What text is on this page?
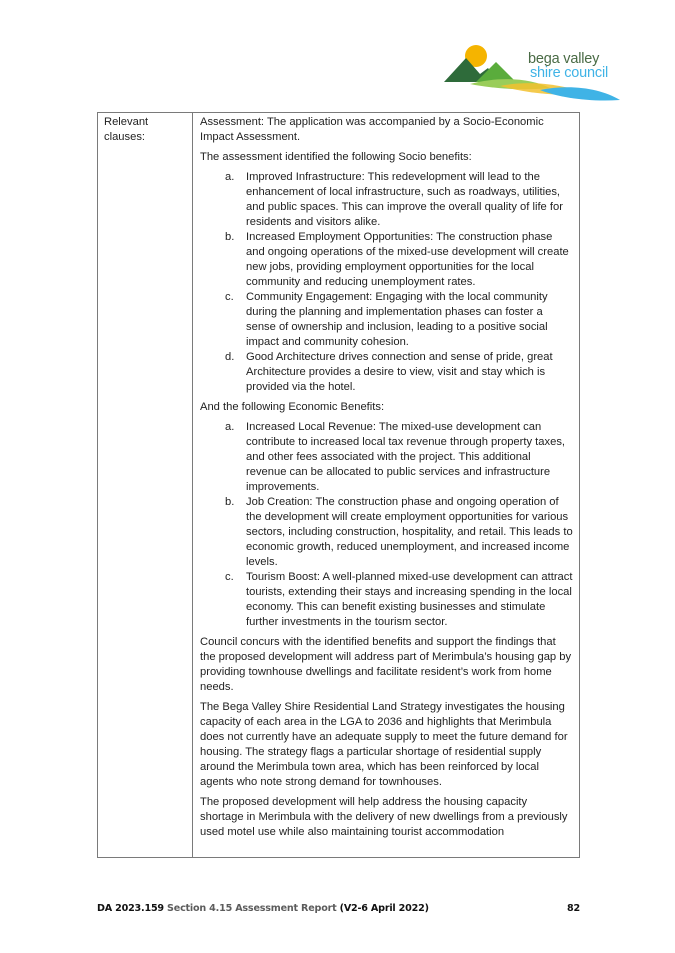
bega valley
shire council
Relevant clauses:

Assessment: The application was accompanied by a Socio-Economic Impact Assessment.

The assessment identified the following Socio benefits:

a. Improved Infrastructure: This redevelopment will lead to the enhancement of local infrastructure, such as roadways, utilities, and public spaces. This can improve the overall quality of life for residents and visitors alike.
b. Increased Employment Opportunities: The construction phase and ongoing operations of the mixed-use development will create new jobs, providing employment opportunities for the local community and reducing unemployment rates.
c. Community Engagement: Engaging with the local community during the planning and implementation phases can foster a sense of ownership and inclusion, leading to a positive social impact and community cohesion.
d. Good Architecture drives connection and sense of pride, great Architecture provides a desire to view, visit and stay which is provided via the hotel.

And the following Economic Benefits:

a. Increased Local Revenue: The mixed-use development can contribute to increased local tax revenue through property taxes, and other fees associated with the project. This additional revenue can be allocated to public services and infrastructure improvements.
b. Job Creation: The construction phase and ongoing operation of the development will create employment opportunities for various sectors, including construction, hospitality, and retail. This leads to economic growth, reduced unemployment, and increased income levels.
c. Tourism Boost: A well-planned mixed-use development can attract tourists, extending their stays and increasing spending in the local economy. This can benefit existing businesses and stimulate further investments in the tourism sector.

Council concurs with the identified benefits and support the findings that the proposed development will address part of Merimbula’s housing gap by providing townhouse dwellings and facilitate resident’s work from home needs.

The Bega Valley Shire Residential Land Strategy investigates the housing capacity of each area in the LGA to 2036 and highlights that Merimbula does not currently have an adequate supply to meet the future demand for housing. The strategy flags a particular shortage of residential supply around the Merimbula town area, which has been reinforced by local agents who note strong demand for townhouses.

The proposed development will help address the housing capacity shortage in Merimbula with the delivery of new dwellings from a previously used motel use while also maintaining tourist accommodation

DA 2023.159 Section 4.15 Assessment Report (V2-6 April 2022)	82
